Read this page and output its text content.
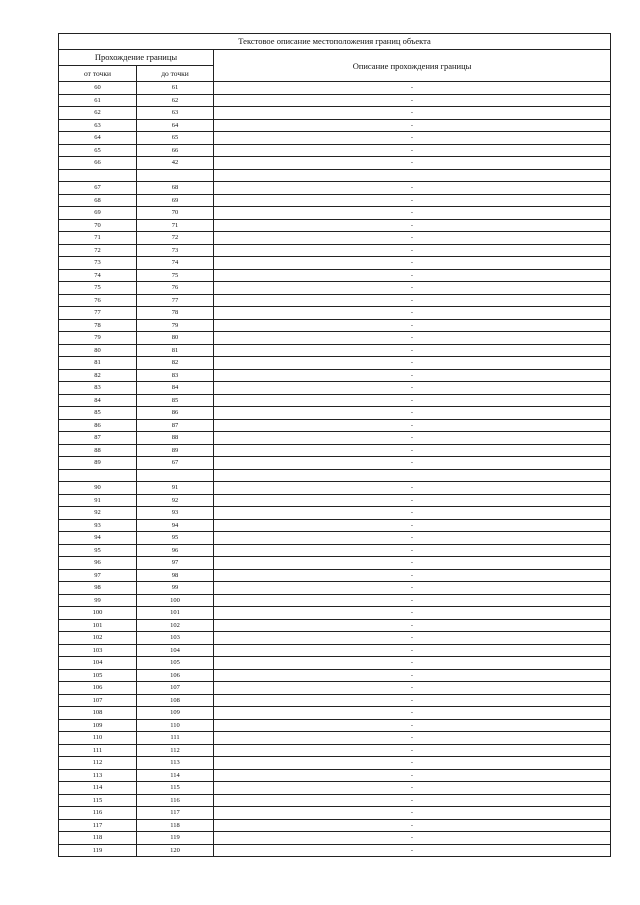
Текстовое описание местоположения границ объекта		
Прохождение границы		Описание прохождения границы
от точки	до точки	
60	61	-
61	62	-
62	63	-
63	64	-
64	65	-
65	66	-
66	42	-

67	68	-
68	69	-
69	70	-
70	71	-
71	72	-
72	73	-
73	74	-
74	75	-
75	76	-
76	77	-
77	78	-
78	79	-
79	80	-
80	81	-
81	82	-
82	83	-
83	84	-
84	85	-
85	86	-
86	87	-
87	88	-
88	89	-
89	67	-

90	91	-
91	92	-
92	93	-
93	94	-
94	95	-
95	96	-
96	97	-
97	98	-
98	99	-
99	100	-
100	101	-
101	102	-
102	103	-
103	104	-
104	105	-
105	106	-
106	107	-
107	108	-
108	109	-
109	110	-
110	111	-
111	112	-
112	113	-
113	114	-
114	115	-
115	116	-
116	117	-
117	118	-
118	119	-
119	120	-
